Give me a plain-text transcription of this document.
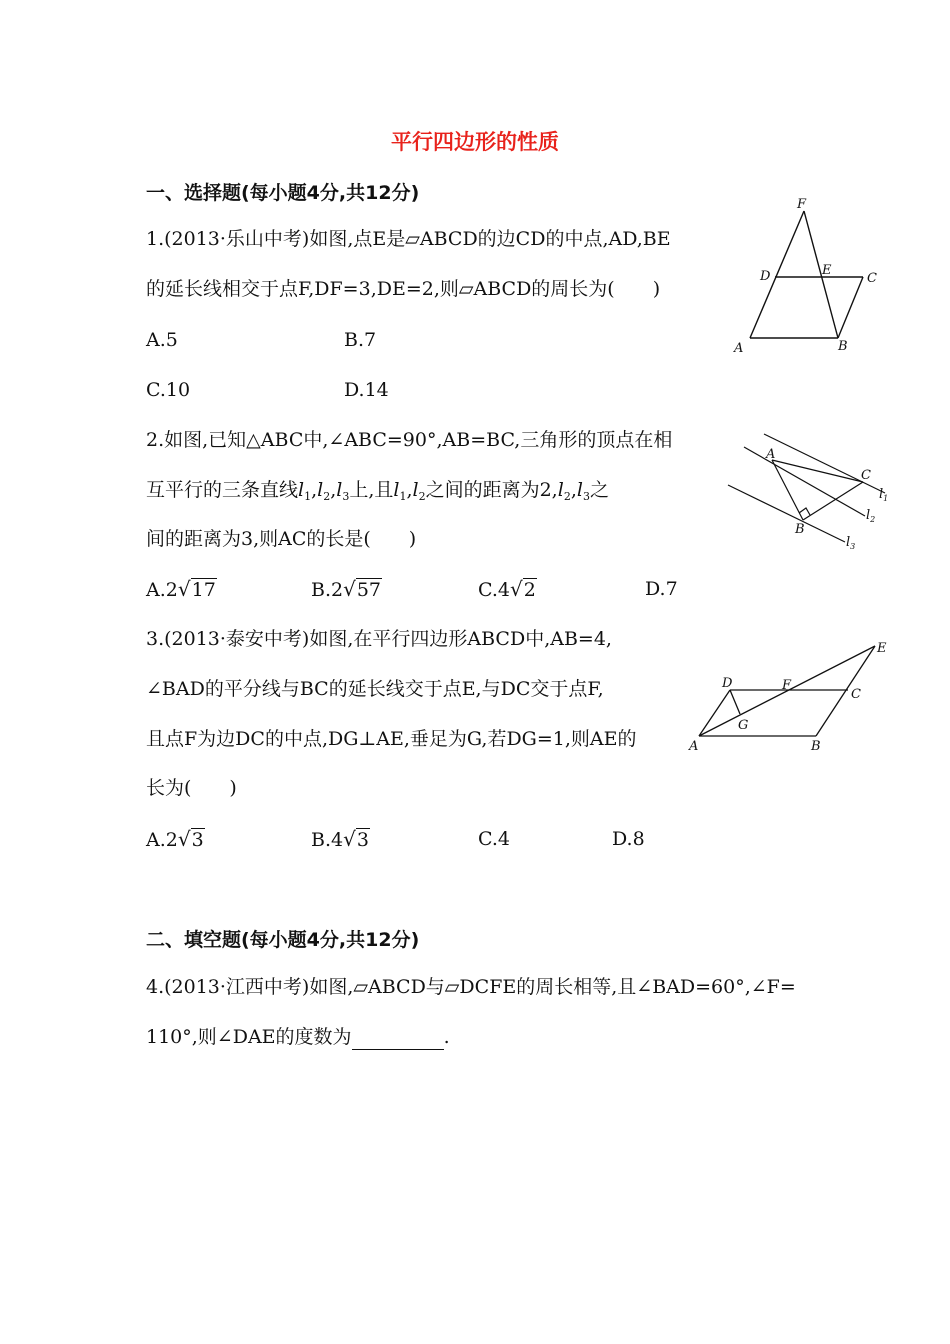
平行四边形的性质
一、选择题(每小题4分,共12分)
1.(2013·乐山中考)如图,点E是▱ABCD的边CD的中点,AD,BE
的延长线相交于点F,DF=3,DE=2,则▱ABCD的周长为(　　)
A.5	B.7
C.10	D.14
F
D	E
C
A	B
2.如图,已知△ABC中,∠ABC=90°,AB=BC,三角形的顶点在相
互平行的三条直线$l_1,l_2,l_3$上,且$l_1,l_2$之间的距离为$2,l_2,l_3$之
间的距离为3,则AC的长是(　　)
A.2√17	B.2√57	C.4√2	D.7
A
C
B
$l_1$
$l_2$
$l_3$
3.(2013·泰安中考)如图,在平行四边形ABCD中,AB=4,
∠BAD的平分线与BC的延长线交于点E,与DC交于点F,
且点F为边DC的中点,DG⊥AE,垂足为G,若DG=1,则AE的
长为(　　)
A.2√3	B.4√3	C.4	D.8
D	F
C
E
G
A	B
二、填空题(每小题4分,共12分)
4.(2013·江西中考)如图,▱ABCD与▱DCFE的周长相等,且∠BAD=60°,∠F=
110°,则∠DAE的度数为	.
